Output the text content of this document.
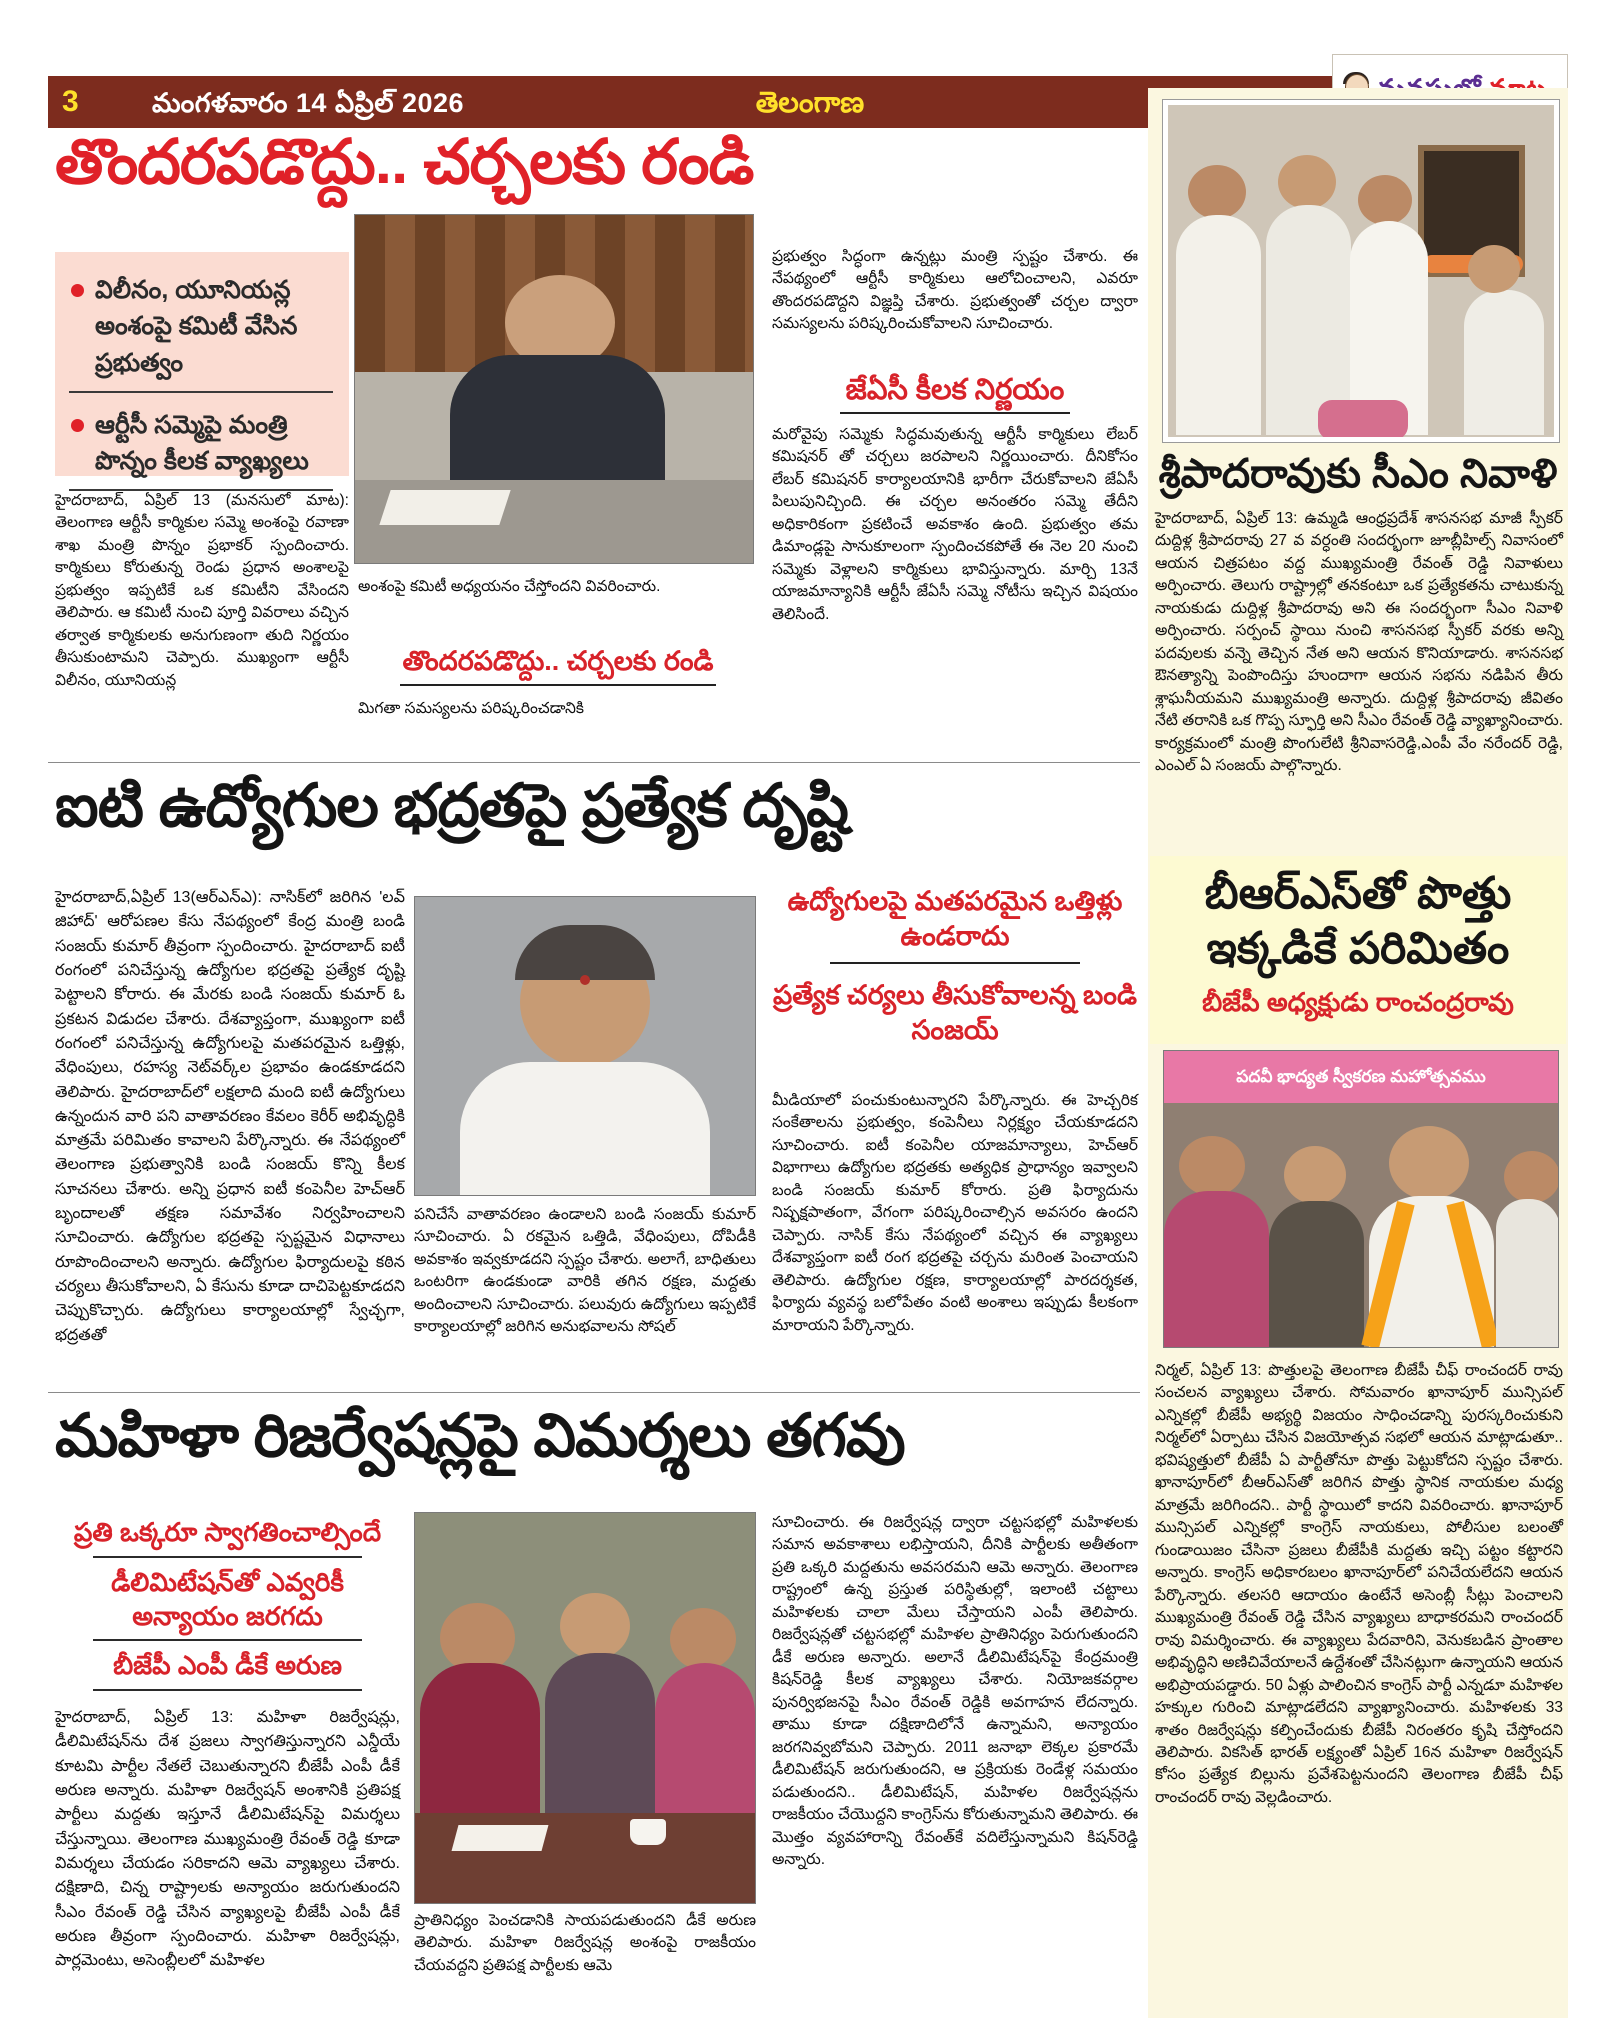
3	మంగళవారం 14 ఏప్రిల్ 2026	తెలంగాణ
తొందరపడొద్దు.. చర్చలకు రండి
విలీనం, యూనియన్ల అంశంపై కమిటీ వేసిన ప్రభుత్వం
ఆర్టీసీ సమ్మెపై మంత్రి పొన్నం కీలక వ్యాఖ్యలు
హైదరాబాద్, ఏప్రిల్ 13 (మనసులో మాట): తెలంగాణ ఆర్టీసీ కార్మికుల సమ్మె అంశంపై రవాణా శాఖ మంత్రి పొన్నం ప్రభాకర్ స్పందించారు. కార్మికులు కోరుతున్న రెండు ప్రధాన అంశాలపై ప్రభుత్వం ఇప్పటికే ఒక కమిటీని వేసిందని తెలిపారు. ఆ కమిటీ నుంచి పూర్తి వివరాలు వచ్చిన తర్వాత కార్మికులకు అనుగుణంగా తుది నిర్ణయం తీసుకుంటామని చెప్పారు. ముఖ్యంగా ఆర్టీసీ విలీనం, యూనియన్ల
అంశంపై కమిటీ అధ్యయనం చేస్తోందని వివరించారు.
తొందరపడొద్దు.. చర్చలకు రండి
మిగతా సమస్యలను పరిష్కరించడానికి
ప్రభుత్వం సిద్ధంగా ఉన్నట్లు మంత్రి స్పష్టం చేశారు. ఈ నేపథ్యంలో ఆర్టీసీ కార్మికులు ఆలోచించాలని, ఎవరూ తొందరపడొద్దని విజ్ఞప్తి చేశారు. ప్రభుత్వంతో చర్చల ద్వారా సమస్యలను పరిష్కరించుకోవాలని సూచించారు.
జేఏసీ కీలక నిర్ణయం
మరోవైపు సమ్మెకు సిద్ధమవుతున్న ఆర్టీసీ కార్మికులు లేబర్ కమిషనర్ తో చర్చలు జరపాలని నిర్ణయించారు. దీనికోసం లేబర్ కమిషనర్ కార్యాలయానికి భారీగా చేరుకోవాలని జేఏసీ పిలుపునిచ్చింది. ఈ చర్చల అనంతరం సమ్మె తేదీని అధికారికంగా ప్రకటించే అవకాశం ఉంది. ప్రభుత్వం తమ డిమాండ్లపై సానుకూలంగా స్పందించకపోతే ఈ నెల 20 నుంచి సమ్మెకు వెళ్లాలని కార్మికులు భావిస్తున్నారు. మార్చి 13నే యాజమాన్యానికి ఆర్టీసీ జేఏసీ సమ్మె నోటీసు ఇచ్చిన విషయం తెలిసిందే.
ఐటి ఉద్యోగుల భద్రతపై ప్రత్యేక దృష్టి
హైదరాబాద్,ఏప్రిల్ 13(ఆర్ఎన్ఎ): నాసిక్‌లో జరిగిన 'లవ్ జిహాద్' ఆరోపణల కేసు నేపథ్యంలో కేంద్ర మంత్రి బండి సంజయ్ కుమార్ తీవ్రంగా స్పందించారు. హైదరాబాద్ ఐటీ రంగంలో పనిచేస్తున్న ఉద్యోగుల భద్రతపై ప్రత్యేక దృష్టి పెట్టాలని కోరారు. ఈ మేరకు బండి సంజయ్ కుమార్ ఓ ప్రకటన విడుదల చేశారు. దేశవ్యాప్తంగా, ముఖ్యంగా ఐటీ రంగంలో పనిచేస్తున్న ఉద్యోగులపై మతపరమైన ఒత్తిళ్లు, వేధింపులు, రహస్య నెట్‌వర్క్‌ల ప్రభావం ఉండకూడదని తెలిపారు. హైదరాబాద్‌లో లక్షలాది మంది ఐటీ ఉద్యోగులు ఉన్నందున వారి పని వాతావరణం కేవలం కెరీర్ అభివృద్ధికి మాత్రమే పరిమితం కావాలని పేర్కొన్నారు. ఈ నేపథ్యంలో తెలంగాణ ప్రభుత్వానికి బండి సంజయ్ కొన్ని కీలక సూచనలు చేశారు. అన్ని ప్రధాన ఐటీ కంపెనీల హెచ్ఆర్ బృందాలతో తక్షణ సమావేశం నిర్వహించాలని సూచించారు. ఉద్యోగుల భద్రతపై స్పష్టమైన విధానాలు రూపొందించాలని అన్నారు. ఉద్యోగుల ఫిర్యాదులపై కఠిన చర్యలు తీసుకోవాలని, ఏ కేసును కూడా దాచిపెట్టకూడదని చెప్పుకొచ్చారు. ఉద్యోగులు కార్యాలయాల్లో స్వేచ్ఛగా, భద్రతతో
పనిచేసే వాతావరణం ఉండాలని బండి సంజయ్ కుమార్ సూచించారు. ఏ రకమైన ఒత్తిడి, వేధింపులు, దోపిడీకి అవకాశం ఇవ్వకూడదని స్పష్టం చేశారు. అలాగే, బాధితులు ఒంటరిగా ఉండకుండా వారికి తగిన రక్షణ, మద్దతు అందించాలని సూచించారు. పలువురు ఉద్యోగులు ఇప్పటికే కార్యాలయాల్లో జరిగిన అనుభవాలను సోషల్
ఉద్యోగులపై మతపరమైన ఒత్తిళ్లు ఉండరాదు
ప్రత్యేక చర్యలు తీసుకోవాలన్న బండి సంజయ్
మీడియాలో పంచుకుంటున్నారని పేర్కొన్నారు. ఈ హెచ్చరిక సంకేతాలను ప్రభుత్వం, కంపెనీలు నిర్లక్ష్యం చేయకూడదని సూచించారు. ఐటీ కంపెనీల యాజమాన్యాలు, హెచ్ఆర్ విభాగాలు ఉద్యోగుల భద్రతకు అత్యధిక ప్రాధాన్యం ఇవ్వాలని బండి సంజయ్ కుమార్ కోరారు. ప్రతి ఫిర్యాదును నిష్పక్షపాతంగా, వేగంగా పరిష్కరించాల్సిన అవసరం ఉందని చెప్పారు. నాసిక్ కేసు నేపథ్యంలో వచ్చిన ఈ వ్యాఖ్యలు దేశవ్యాప్తంగా ఐటీ రంగ భద్రతపై చర్చను మరింత పెంచాయని తెలిపారు. ఉద్యోగుల రక్షణ, కార్యాలయాల్లో పారదర్శకత, ఫిర్యాదు వ్యవస్థ బలోపేతం వంటి అంశాలు ఇప్పుడు కీలకంగా మారాయని పేర్కొన్నారు.
మహిళా రిజర్వేషన్లపై విమర్శలు తగవు
ప్రతి ఒక్కరూ స్వాగతించాల్సిందే
డీలిమిటేషన్‌తో ఎవ్వరికీ అన్యాయం జరగదు
బీజేపీ ఎంపీ డీకే అరుణ
హైదరాబాద్, ఏప్రిల్ 13: మహిళా రిజర్వేషన్లు, డీలిమిటేషన్‌ను దేశ ప్రజలు స్వాగతిస్తున్నారని ఎన్డీయే కూటమి పార్టీల నేతలే చెబుతున్నారని బీజేపీ ఎంపీ డీకే అరుణ అన్నారు. మహిళా రిజర్వేషన్ అంశానికి ప్రతిపక్ష పార్టీలు మద్దతు ఇస్తూనే డీలిమిటేషన్‌పై విమర్శలు చేస్తున్నాయి. తెలంగాణ ముఖ్యమంత్రి రేవంత్ రెడ్డి కూడా విమర్శలు చేయడం సరికాదని ఆమె వ్యాఖ్యలు చేశారు. దక్షిణాది, చిన్న రాష్ట్రాలకు అన్యాయం జరుగుతుందని సీఎం రేవంత్ రెడ్డి చేసిన వ్యాఖ్యలపై బీజేపీ ఎంపీ డీకే అరుణ తీవ్రంగా స్పందించారు. మహిళా రిజర్వేషన్లు, పార్లమెంటు, అసెంబ్లీలలో మహిళల
ప్రాతినిధ్యం పెంచడానికి సాయపడుతుందని డీకే అరుణ తెలిపారు. మహిళా రిజర్వేషన్ల అంశంపై రాజకీయం చేయవద్దని ప్రతిపక్ష పార్టీలకు ఆమె
సూచించారు. ఈ రిజర్వేషన్ల ద్వారా చట్టసభల్లో మహిళలకు సమాన అవకాశాలు లభిస్తాయని, దీనికి పార్టీలకు అతీతంగా ప్రతి ఒక్కరి మద్దతును అవసరమని ఆమె అన్నారు. తెలంగాణ రాష్ట్రంలో ఉన్న ప్రస్తుత పరిస్థితుల్లో, ఇలాంటి చట్టాలు మహిళలకు చాలా మేలు చేస్తాయని ఎంపీ తెలిపారు. రిజర్వేషన్లతో చట్టసభల్లో మహిళల ప్రాతినిధ్యం పెరుగుతుందని డీకే అరుణ అన్నారు. అలానే డీలిమిటేషన్‌పై కేంద్రమంత్రి కిషన్‌రెడ్డి కీలక వ్యాఖ్యలు చేశారు. నియోజకవర్గాల పునర్విభజనపై సీఎం రేవంత్ రెడ్డికి అవగాహన లేదన్నారు. తాము కూడా దక్షిణాదిలోనే ఉన్నామని, అన్యాయం జరగనివ్వబోమని చెప్పారు. 2011 జనాభా లెక్కల ప్రకారమే డీలిమిటేషన్ జరుగుతుందని, ఆ ప్రక్రియకు రెండేళ్ల సమయం పడుతుందని.. డీలిమిటేషన్, మహిళల రిజర్వేషన్లను రాజకీయం చేయొద్దని కాంగ్రెస్‌ను కోరుతున్నామని తెలిపారు. ఈ మొత్తం వ్యవహారాన్ని రేవంత్‌కే వదిలేస్తున్నామని కిషన్‌రెడ్డి అన్నారు.
శ్రీపాదరావుకు సీఎం నివాళి
హైదరాబాద్, ఏప్రిల్ 13: ఉమ్మడి ఆంధ్రప్రదేశ్ శాసనసభ మాజీ స్పీకర్ దుద్దిళ్ల శ్రీపాదరావు 27 వ వర్ధంతి సందర్భంగా జూబ్లీహిల్స్ నివాసంలో ఆయన చిత్రపటం వద్ద ముఖ్యమంత్రి రేవంత్ రెడ్డి నివాళులు అర్పించారు. తెలుగు రాష్ట్రాల్లో తనకంటూ ఒక ప్రత్యేకతను చాటుకున్న నాయకుడు దుద్దిళ్ల శ్రీపాదరావు అని ఈ సందర్భంగా సీఎం నివాళి అర్పించారు. సర్పంచ్ స్థాయి నుంచి శాసనసభ స్పీకర్ వరకు అన్ని పదవులకు వన్నె తెచ్చిన నేత అని ఆయన కొనియాడారు. శాసనసభ ఔనత్యాన్ని పెంపొందిస్తు హుందాగా ఆయన సభను నడిపిన తీరు శ్లాఘనీయమని ముఖ్యమంత్రి అన్నారు. దుద్దిళ్ల శ్రీపాదరావు జీవితం నేటి తరానికి ఒక గొప్ప స్ఫూర్తి అని సీఎం రేవంత్ రెడ్డి వ్యాఖ్యానించారు. కార్యక్రమంలో మంత్రి పొంగులేటి శ్రీనివాసరెడ్డి,ఎంపీ వేం నరేందర్ రెడ్డి, ఎంఎల్ ఏ సంజయ్ పాల్గొన్నారు.
బీఆర్ఎస్‌తో పొత్తు
ఇక్కడికే పరిమితం
బీజేపీ అధ్యక్షుడు రాంచంద్రరావు
పదవీ భాద్యత స్వీకరణ మహోత్సవము
నిర్మల్, ఏప్రిల్ 13: పొత్తులపై తెలంగాణ బీజేపీ చీఫ్ రాంచందర్ రావు సంచలన వ్యాఖ్యలు చేశారు. సోమవారం ఖానాపూర్ మున్సిపల్ ఎన్నికల్లో బీజేపీ అభ్యర్థి విజయం సాధించడాన్ని పురస్కరించుకుని నిర్మల్‌లో ఏర్పాటు చేసిన విజయోత్సవ సభలో ఆయన మాట్లాడుతూ.. భవిష్యత్తులో బీజేపీ ఏ పార్టీతోనూ పొత్తు పెట్టుకోదని స్పష్టం చేశారు. ఖానాపూర్‌లో బీఆర్ఎస్‌తో జరిగిన పొత్తు స్థానిక నాయకుల మధ్య మాత్రమే జరిగిందని.. పార్టీ స్థాయిలో కాదని వివరించారు. ఖానాపూర్ మున్సిపల్ ఎన్నికల్లో కాంగ్రెస్ నాయకులు, పోలీసుల బలంతో గుండాయిజం చేసినా ప్రజలు బీజేపీకి మద్దతు ఇచ్చి పట్టం కట్టారని అన్నారు. కాంగ్రెస్ అధికారబలం ఖానాపూర్‌లో పనిచేయలేదని ఆయన పేర్కొన్నారు. తలసరి ఆదాయం ఉంటేనే అసెంబ్లీ సీట్లు పెంచాలని ముఖ్యమంత్రి రేవంత్ రెడ్డి చేసిన వ్యాఖ్యలు బాధాకరమని రాంచందర్ రావు విమర్శించారు. ఈ వ్యాఖ్యలు పేదవారిని, వెనుకబడిన ప్రాంతాల అభివృద్ధిని అణిచివేయాలనే ఉద్దేశంతో చేసినట్లుగా ఉన్నాయని ఆయన అభిప్రాయపడ్డారు. 50 ఏళ్లు పాలించిన కాంగ్రెస్ పార్టీ ఎన్నడూ మహిళల హక్కుల గురించి మాట్లాడలేదని వ్యాఖ్యానించారు. మహిళలకు 33 శాతం రిజర్వేషన్లు కల్పించేందుకు బీజేపీ నిరంతరం కృషి చేస్తోందని తెలిపారు. వికసిత్ భారత్ లక్ష్యంతో ఏప్రిల్ 16న మహిళా రిజర్వేషన్ కోసం ప్రత్యేక బిల్లును ప్రవేశపెట్టనుందని తెలంగాణ బీజేపీ చీఫ్ రాంచందర్ రావు వెల్లడించారు.
